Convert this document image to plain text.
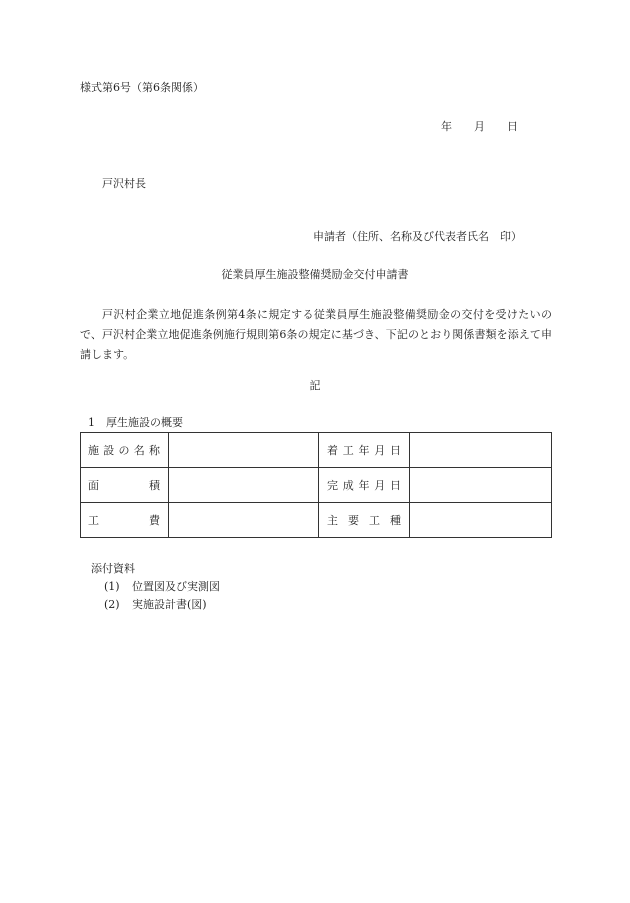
様式第6号（第6条関係）
年 月 日
戸沢村長
申請者（住所、名称及び代表者氏名　印）
従業員厚生施設整備奨励金交付申請書
戸沢村企業立地促進条例第4条に規定する従業員厚生施設整備奨励金の交付を受けたいので、戸沢村企業立地促進条例施行規則第6条の規定に基づき、下記のとおり関係書類を添えて申請します。
記
1 厚生施設の概要
施設の名称		着工年月日	
面積		完成年月日	
工費		主要工種	
添付資料
(1) 位置図及び実測図
(2) 実施設計書(図)
